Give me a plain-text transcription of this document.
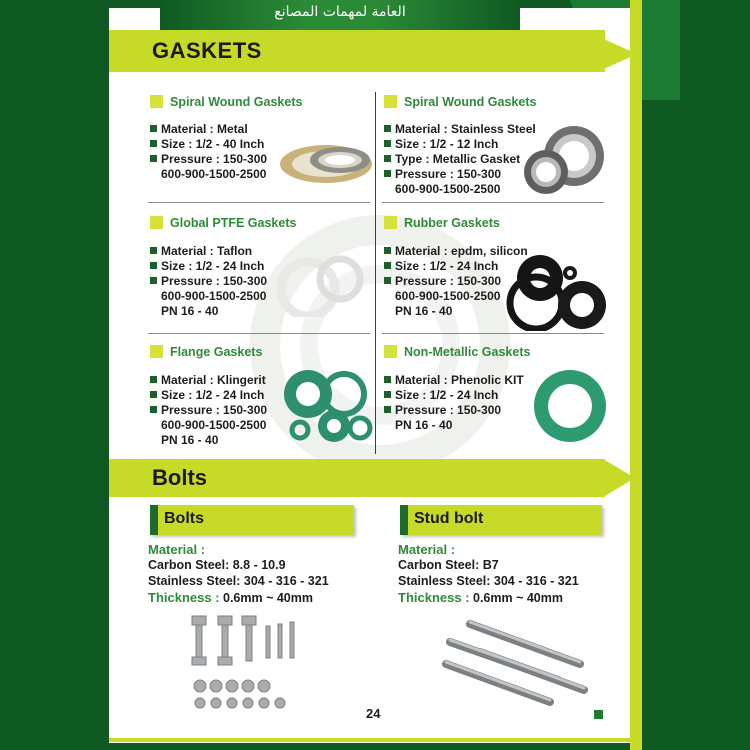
العامة لمهمات المصانع
GASKETS
Spiral Wound Gaskets
Material : Metal
Size : 1/2 - 40 Inch
Pressure : 150-300
600-900-1500-2500
Spiral Wound Gaskets
Material : Stainless Steel
Size : 1/2 - 12 Inch
Type : Metallic Gasket
Pressure : 150-300
600-900-1500-2500
Global PTFE Gaskets
Material : Taflon
Size : 1/2 - 24 Inch
Pressure : 150-300
600-900-1500-2500
PN 16 - 40
Rubber Gaskets
Material : epdm, silicon
Size : 1/2 - 24 Inch
Pressure : 150-300
600-900-1500-2500
PN 16 - 40
Flange Gaskets
Material : Klingerit
Size : 1/2 - 24 Inch
Pressure : 150-300
600-900-1500-2500
PN 16 - 40
Non-Metallic Gaskets
Material : Phenolic KIT
Size : 1/2 - 24 Inch
Pressure : 150-300
PN 16 - 40
Bolts
Bolts	Stud bolt
Material :
Carbon Steel: 8.8 - 10.9
Stainless Steel: 304 - 316 - 321
Thickness : 0.6mm ~ 40mm
Material :
Carbon Steel: B7
Stainless Steel: 304 - 316 - 321
Thickness : 0.6mm ~ 40mm
24
